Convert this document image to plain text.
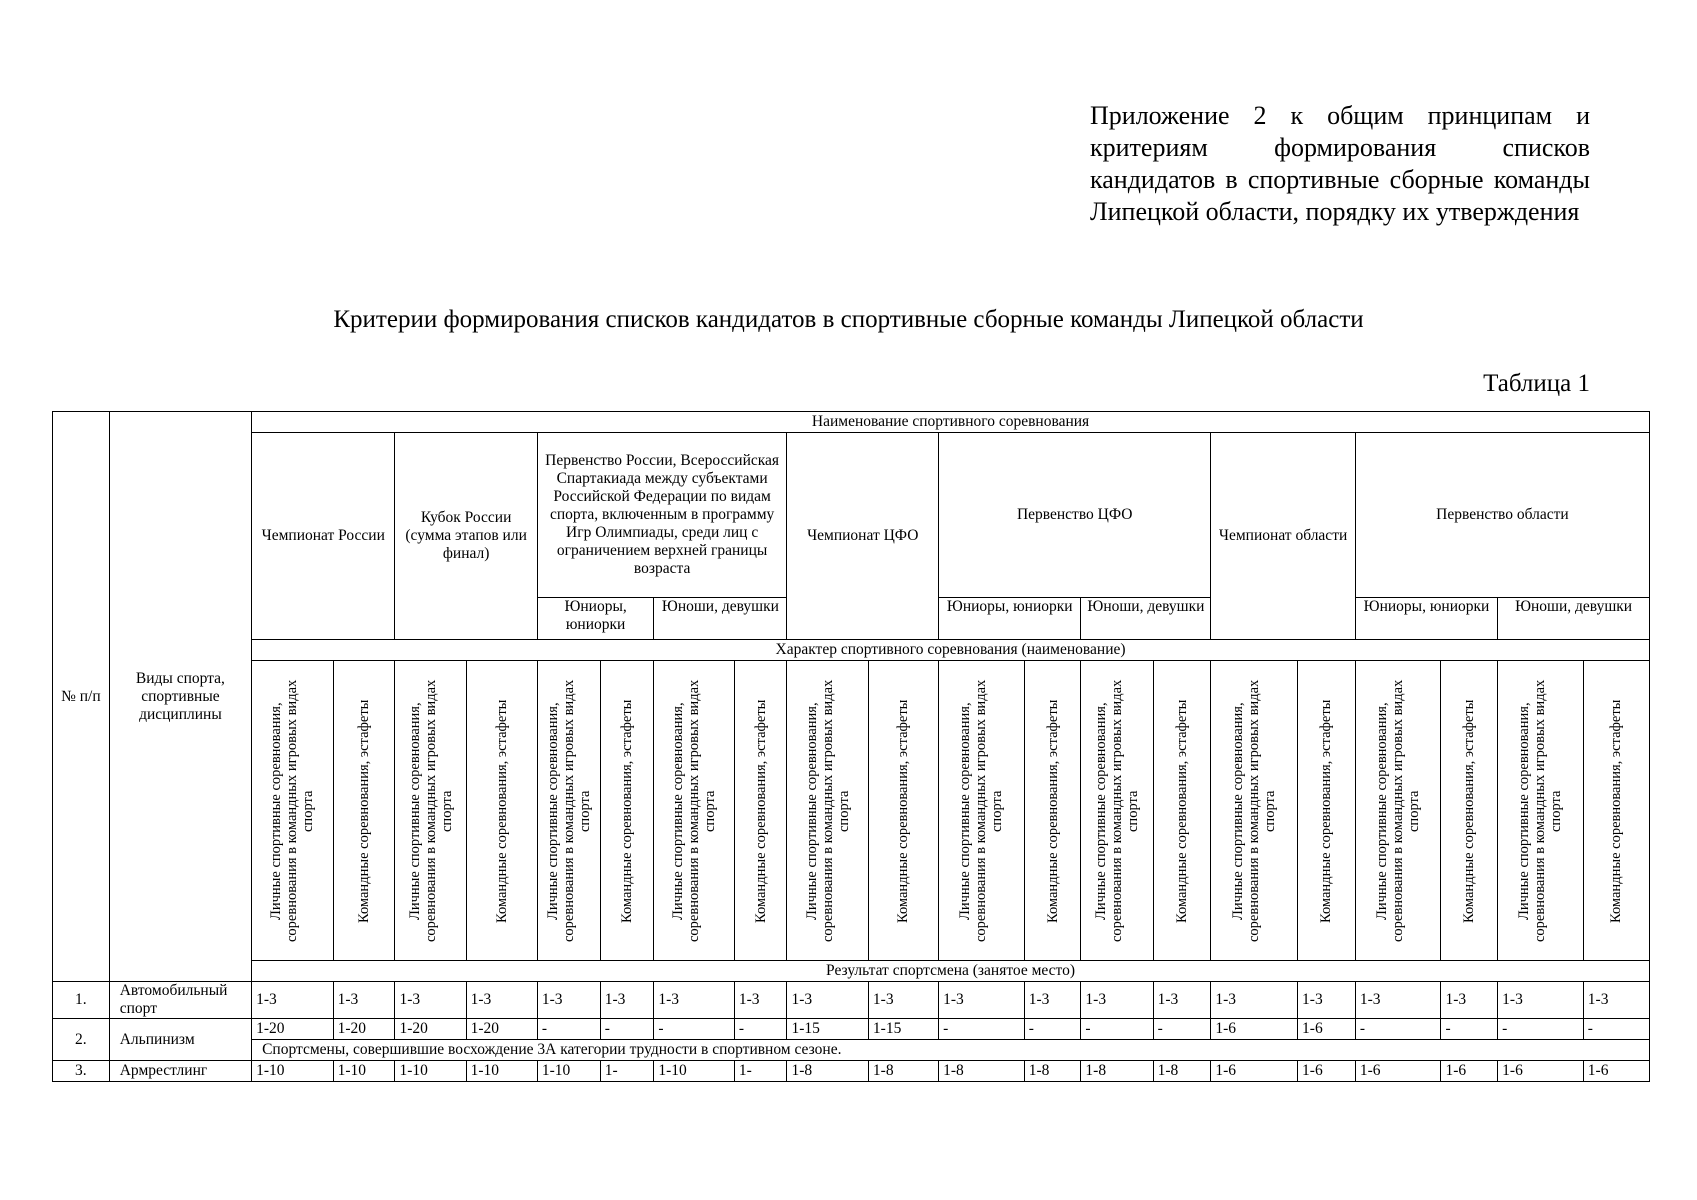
Приложение 2 к общим принципам и критериям формирования списков кандидатов в спортивные сборные команды Липецкой области, порядку их утверждения
Критерии формирования списков кандидатов в спортивные сборные команды Липецкой области
Таблица 1
№ п/п	Виды спорта, спортивные дисциплины	Наименование спортивного соревнования																			
		Чемпионат России		Кубок России (сумма этапов или финал)		Первенство России, Всероссийская Спартакиада между субъектами Российской Федерации по видам спорта, включенным в программу Игр Олимпиады, среди лиц с ограничением верхней границы возраста				Чемпионат ЦФО		Первенство ЦФО				Чемпионат области		Первенство области			
						Юниоры, юниорки		Юноши, девушки				Юниоры, юниорки		Юноши, девушки				Юниоры, юниорки		Юноши, девушки	
		Характер спортивного соревнования (наименование)																			

		Личные спортивные соревнования, соревнования в командных игровых видах спорта	Командные соревнования, эстафеты	Личные спортивные соревнования, соревнования в командных игровых видах спорта	Командные соревнования, эстафеты	Личные спортивные соревнования, соревнования в командных игровых видах спорта	Командные соревнования, эстафеты	Личные спортивные соревнования, соревнования в командных игровых видах спорта	Командные соревнования, эстафеты	Личные спортивные соревнования, соревнования в командных игровых видах спорта	Командные соревнования, эстафеты	Личные спортивные соревнования, соревнования в командных игровых видах спорта	Командные соревнования, эстафеты	Личные спортивные соревнования, соревнования в командных игровых видах спорта	Командные соревнования, эстафеты	Личные спортивные соревнования, соревнования в командных игровых видах спорта	Командные соревнования, эстафеты	Личные спортивные соревнования, соревнования в командных игровых видах спорта	Командные соревнования, эстафеты	Личные спортивные соревнования, соревнования в командных игровых видах спорта	Командные соревнования, эстафеты

		Результат спортсмена (занятое место)																			
1.	Автомобильный спорт	1-3	1-3	1-3	1-3	1-3	1-3	1-3	1-3	1-3	1-3	1-3	1-3	1-3	1-3	1-3	1-3	1-3	1-3	1-3	1-3
2.	Альпинизм	1-20	1-20	1-20	1-20	-	-	-	-	1-15	1-15	-	-	-	-	1-6	1-6	-	-	-	-
		Спортсмены, совершившие восхождение 3А категории трудности в спортивном сезоне.																			
3.	Армрестлинг	1-10	1-10	1-10	1-10	1-10	1-	1-10	1-	1-8	1-8	1-8	1-8	1-8	1-8	1-6	1-6	1-6	1-6	1-6	1-6
